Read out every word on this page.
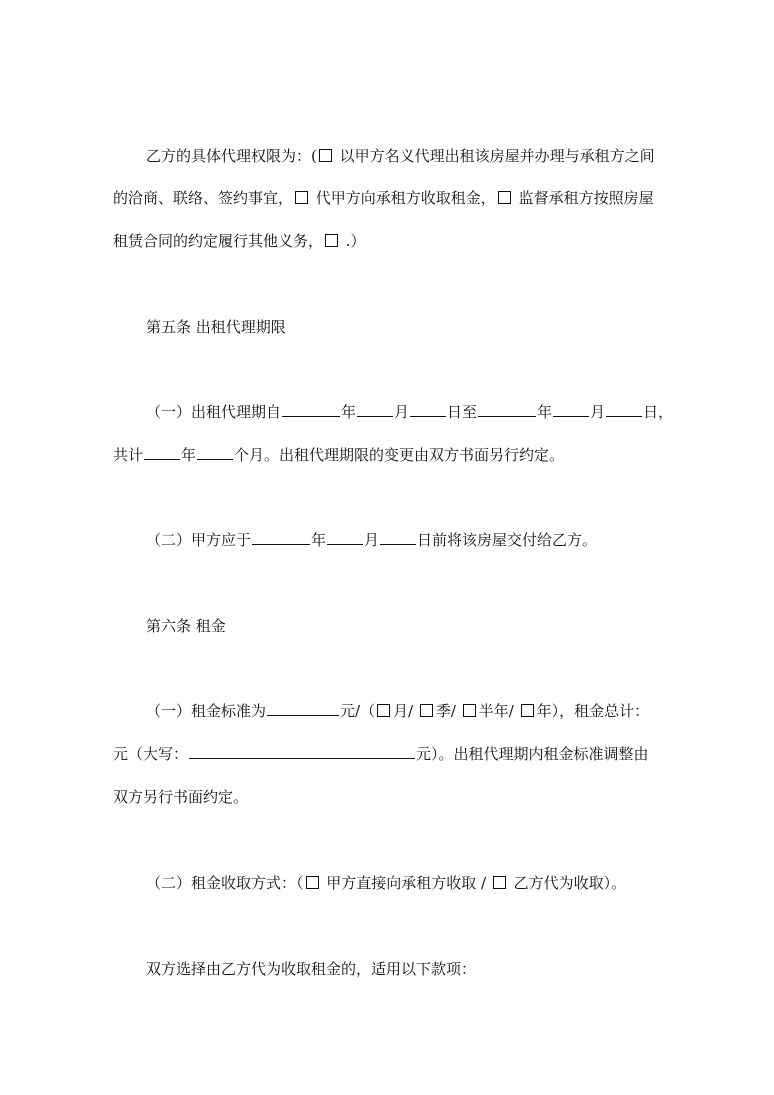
乙方的具体代理权限为：( 以甲方名义代理出租该房屋并办理与承租方之间
的洽商、联络、签约事宜， 代甲方向承租方收取租金， 监督承租方按照房屋
租赁合同的约定履行其他义务， .）
第五条 出租代理期限
（一）出租代理期自	年	月	日至	年	月	日，
共计	年	个月。出租代理期限的变更由双方书面另行约定。
（二）甲方应于	年	月	日前将该房屋交付给乙方。
第六条 租金
（一）租金标准为	元/（ 月/ 季/ 半年/ 年），租金总计：
元（大写：	元）。出租代理期内租金标准调整由
双方另行书面约定。
（二）租金收取方式：（ 甲方直接向承租方收取 /  乙方代为收取）。
双方选择由乙方代为收取租金的，适用以下款项：
